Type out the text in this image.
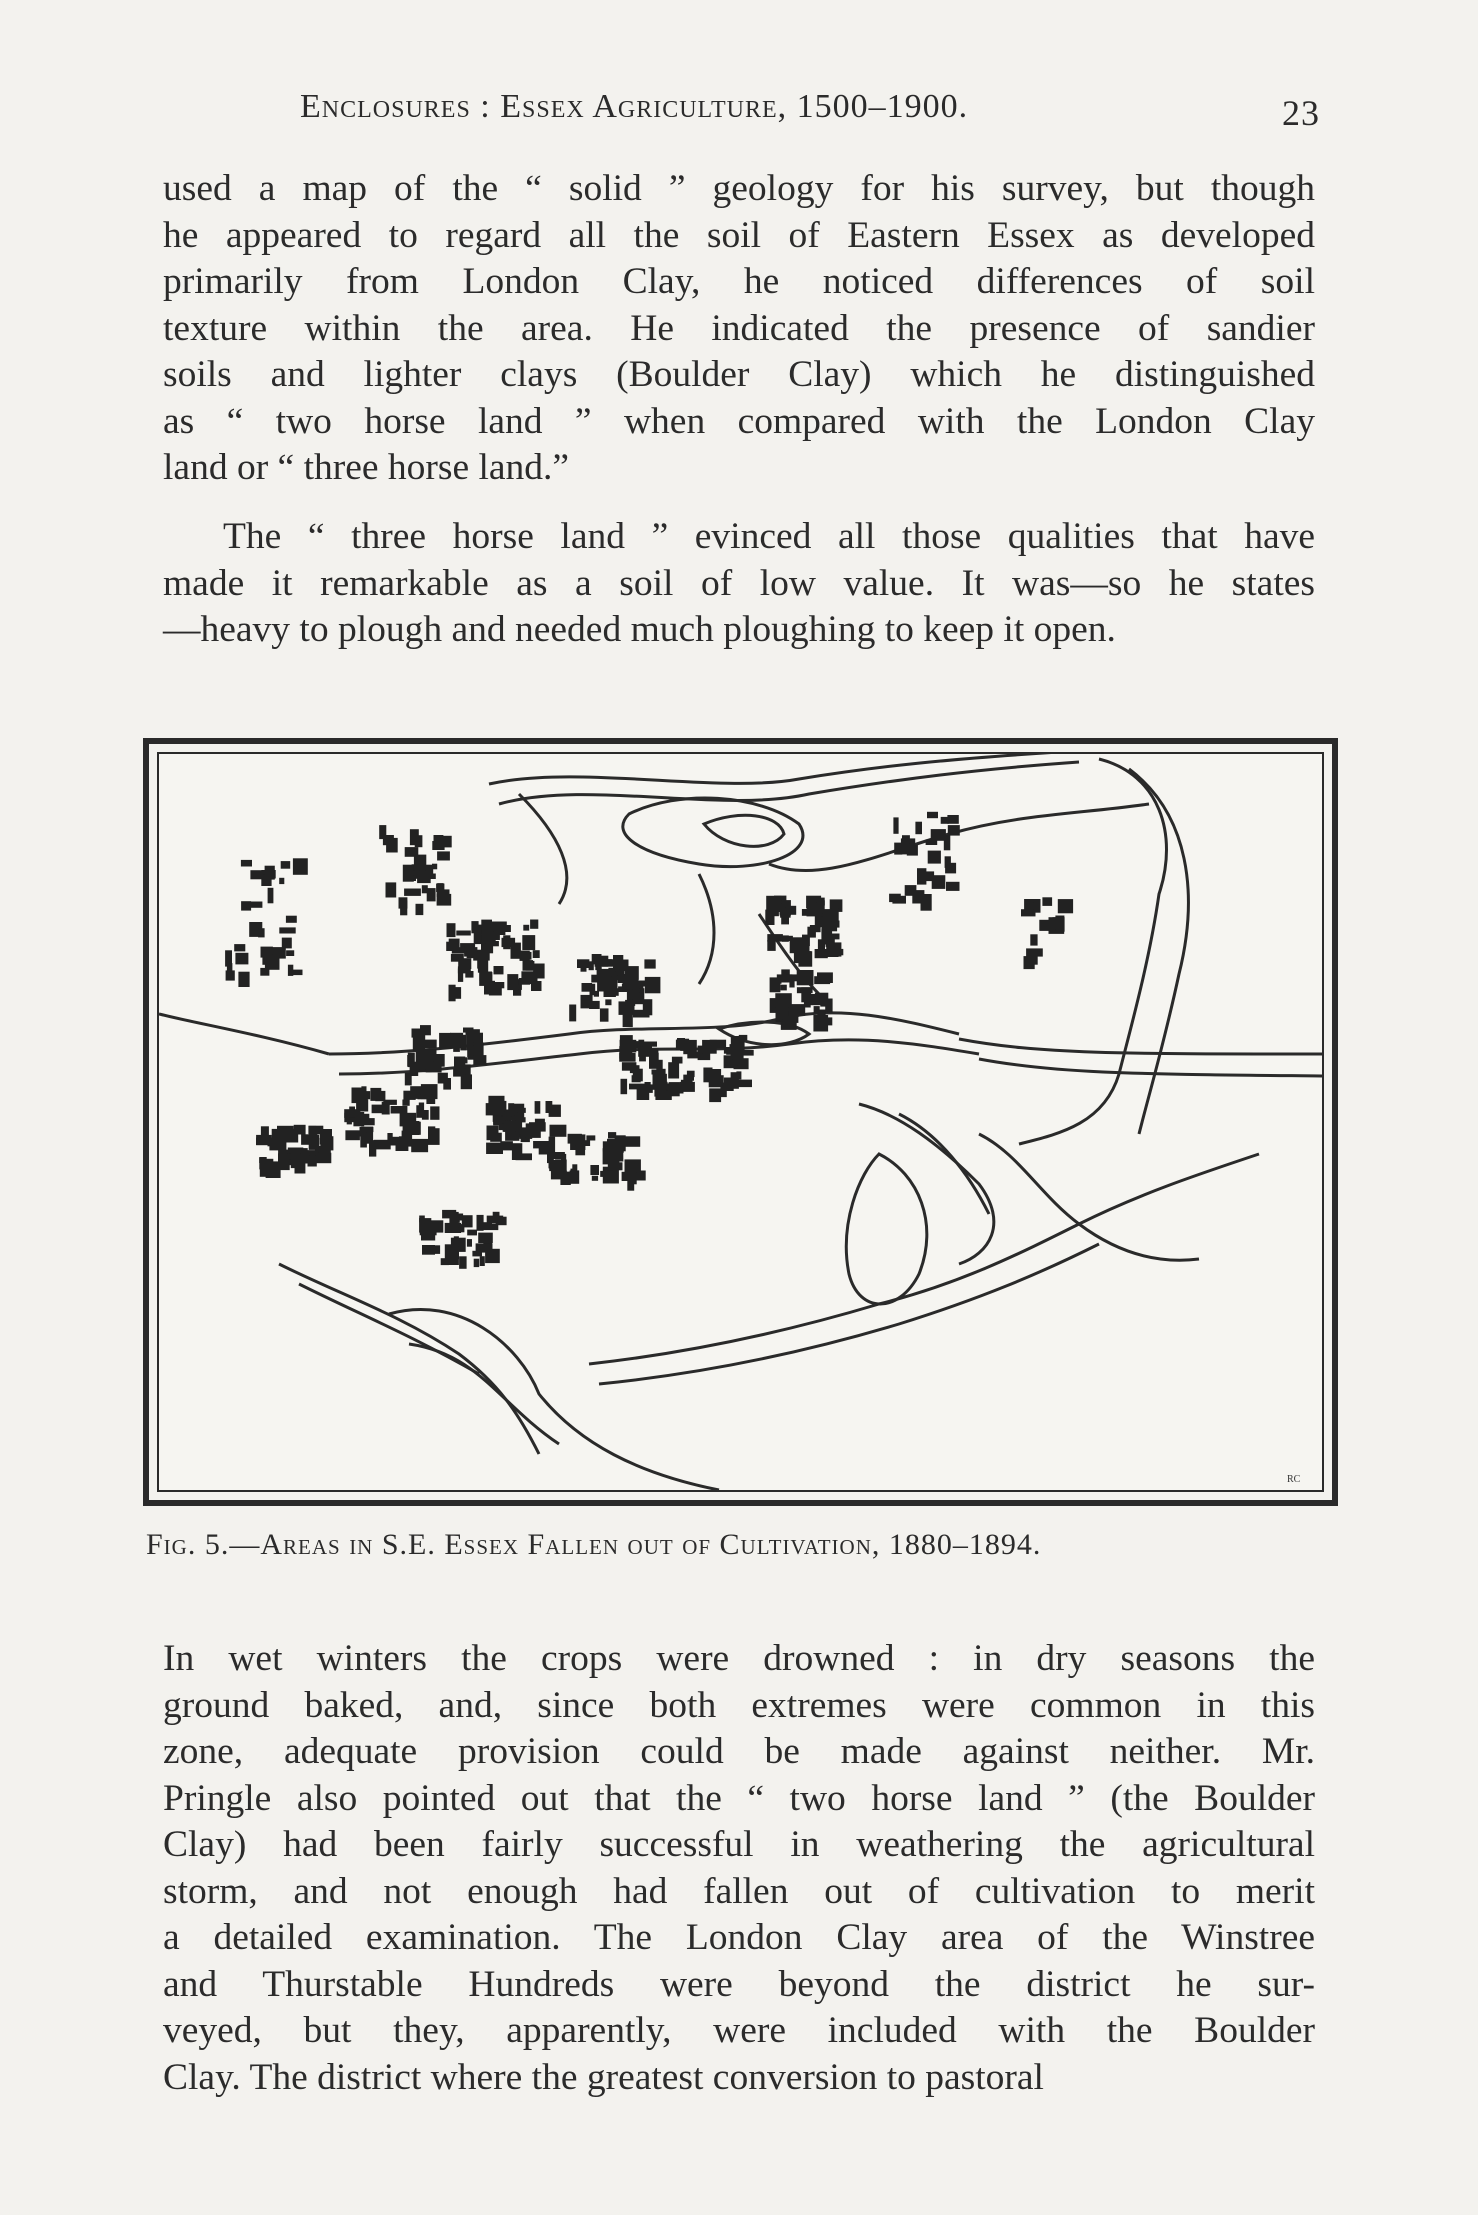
Enclosures : Essex Agriculture, 1500–1900.	23
used a map of the “ solid ” geology for his survey, but though
he appeared to regard all the soil of Eastern Essex as developed
primarily from London Clay, he noticed differences of soil
texture within the area. He indicated the presence of sandier
soils and lighter clays (Boulder Clay) which he distinguished
as “ two horse land ” when compared with the London Clay
land or “ three horse land.”
The “ three horse land ” evinced all those qualities that have
made it remarkable as a soil of low value. It was—so he states
—heavy to plough and needed much ploughing to keep it open.
RC
Fig. 5.—Areas in S.E. Essex Fallen out of Cultivation, 1880–1894.
In wet winters the crops were drowned : in dry seasons the
ground baked, and, since both extremes were common in this
zone, adequate provision could be made against neither. Mr.
Pringle also pointed out that the “ two horse land ” (the Boulder
Clay) had been fairly successful in weathering the agricultural
storm, and not enough had fallen out of cultivation to merit
a detailed examination. The London Clay area of the Winstree
and Thurstable Hundreds were beyond the district he sur-
veyed, but they, apparently, were included with the Boulder
Clay. The district where the greatest conversion to pastoral
